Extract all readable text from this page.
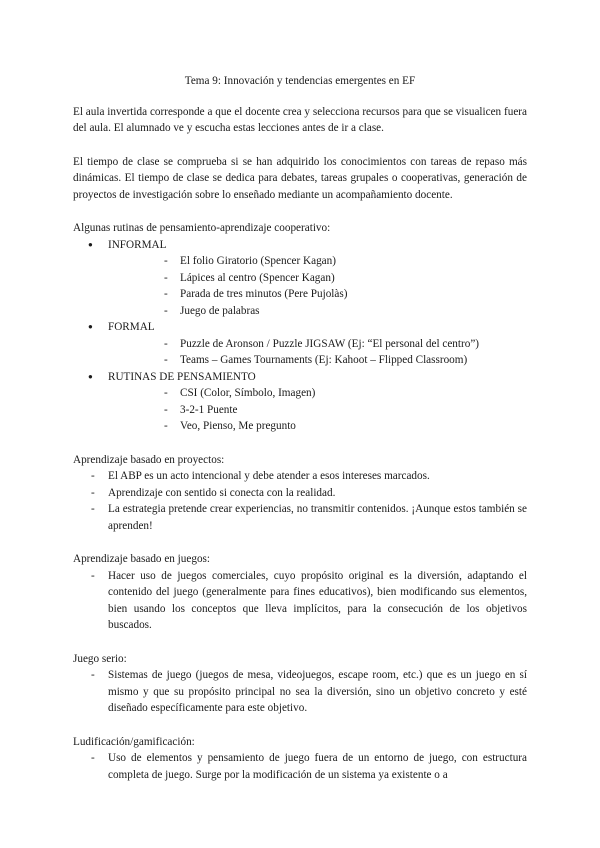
Tema 9: Innovación y tendencias emergentes en EF

El aula invertida corresponde a que el docente crea y selecciona recursos para que se visualicen fuera del aula. El alumnado ve y escucha estas lecciones antes de ir a clase.

El tiempo de clase se comprueba si se han adquirido los conocimientos con tareas de repaso más dinámicas. El tiempo de clase se dedica para debates, tareas grupales o cooperativas, generación de proyectos de investigación sobre lo enseñado mediante un acompañamiento docente.

Algunas rutinas de pensamiento-aprendizaje cooperativo:

● INFORMAL
- El folio Giratorio (Spencer Kagan)
- Lápices al centro (Spencer Kagan)
- Parada de tres minutos (Pere Pujolàs)
- Juego de palabras
● FORMAL
- Puzzle de Aronson / Puzzle JIGSAW (Ej: “El personal del centro”)
- Teams – Games Tournaments (Ej: Kahoot – Flipped Classroom)
● RUTINAS DE PENSAMIENTO
- CSI (Color, Símbolo, Imagen)
- 3-2-1 Puente
- Veo, Pienso, Me pregunto

Aprendizaje basado en proyectos:

- El ABP es un acto intencional y debe atender a esos intereses marcados.
- Aprendizaje con sentido si conecta con la realidad.
- La estrategia pretende crear experiencias, no transmitir contenidos. ¡Aunque estos también se aprenden!

Aprendizaje basado en juegos:

- Hacer uso de juegos comerciales, cuyo propósito original es la diversión, adaptando el contenido del juego (generalmente para fines educativos), bien modificando sus elementos, bien usando los conceptos que lleva implícitos, para la consecución de los objetivos buscados.

Juego serio:

- Sistemas de juego (juegos de mesa, videojuegos, escape room, etc.) que es un juego en sí mismo y que su propósito principal no sea la diversión, sino un objetivo concreto y esté diseñado específicamente para este objetivo.

Ludificación/gamificación:

- Uso de elementos y pensamiento de juego fuera de un entorno de juego, con estructura completa de juego. Surge por la modificación de un sistema ya existente o a
